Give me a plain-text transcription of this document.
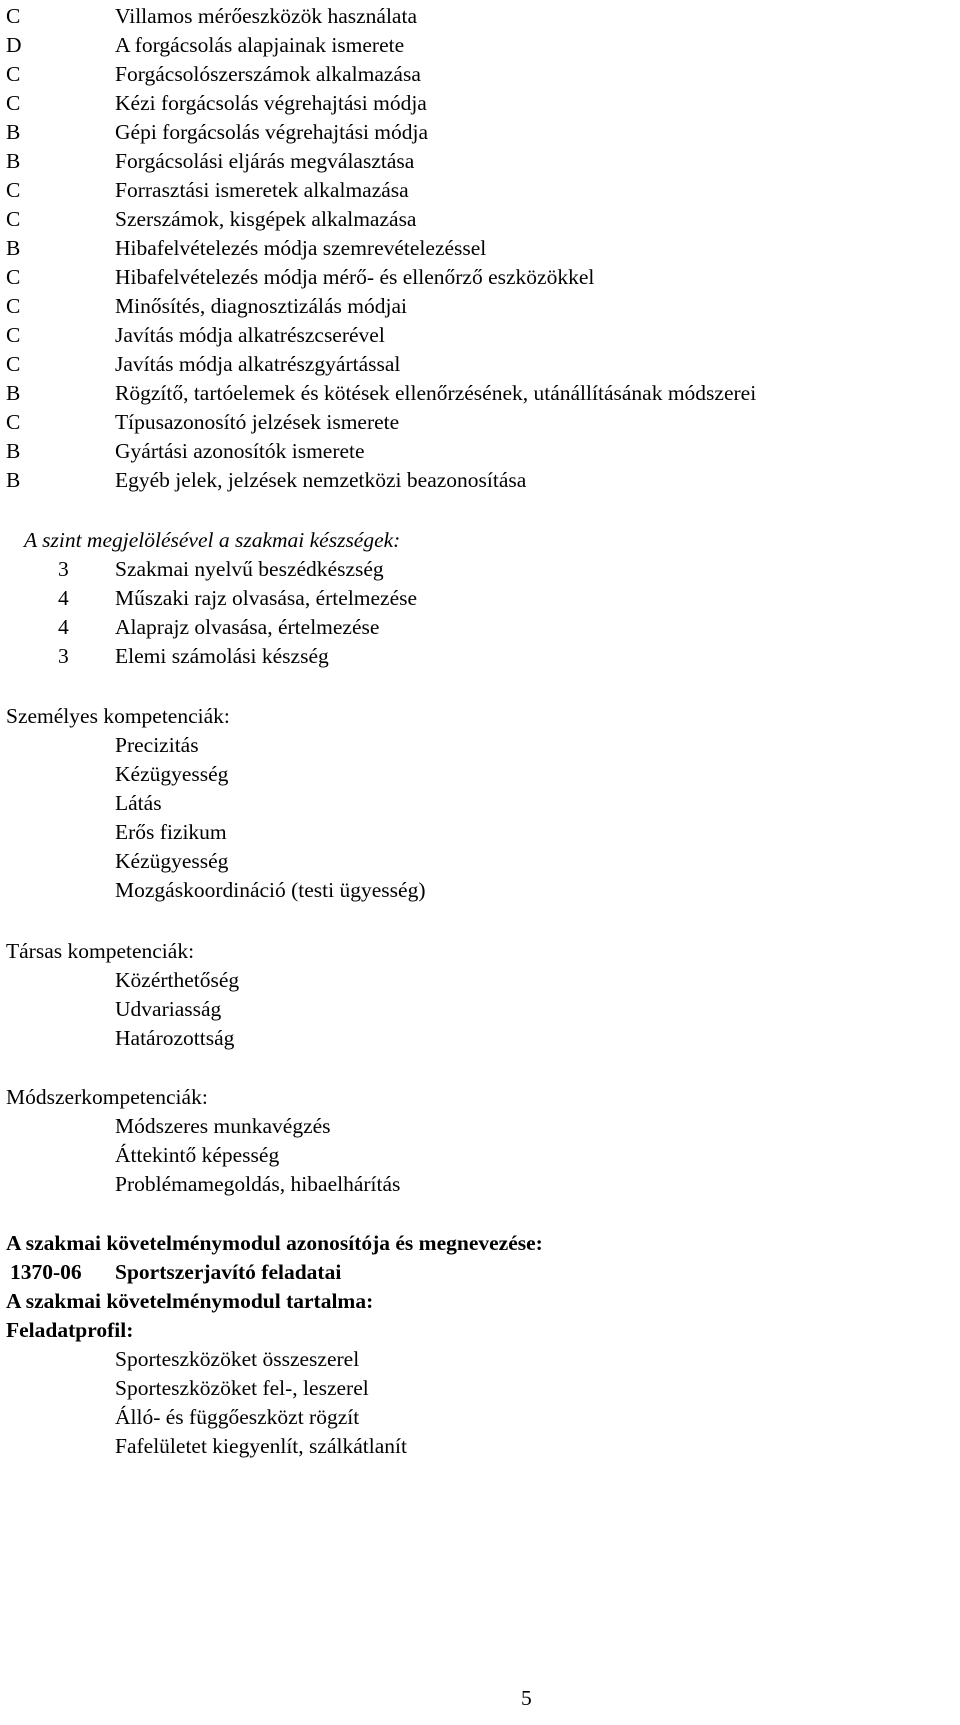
C	Villamos mérőeszközök használata
D	A forgácsolás alapjainak ismerete
C	Forgácsolószerszámok alkalmazása
C	Kézi forgácsolás végrehajtási módja
B	Gépi forgácsolás végrehajtási módja
B	Forgácsolási eljárás megválasztása
C	Forrasztási ismeretek alkalmazása
C	Szerszámok, kisgépek alkalmazása
B	Hibafelvételezés módja szemrevételezéssel
C	Hibafelvételezés módja mérő- és ellenőrző eszközökkel
C	Minősítés, diagnosztizálás módjai
C	Javítás módja alkatrészcserével
C	Javítás módja alkatrészgyártással
B	Rögzítő, tartóelemek és kötések ellenőrzésének, utánállításának módszerei
C	Típusazonosító jelzések ismerete
B	Gyártási azonosítók ismerete
B	Egyéb jelek, jelzések nemzetközi beazonosítása
A szint megjelölésével a szakmai készségek:
3	Szakmai nyelvű beszédkészség
4	Műszaki rajz olvasása, értelmezése
4	Alaprajz olvasása, értelmezése
3	Elemi számolási készség
Személyes kompetenciák:
Precizitás
Kézügyesség
Látás
Erős fizikum
Kézügyesség
Mozgáskoordináció (testi ügyesség)
Társas kompetenciák:
Közérthetőség
Udvariasság
Határozottság
Módszerkompetenciák:
Módszeres munkavégzés
Áttekintő képesség
Problémamegoldás, hibaelhárítás
A szakmai követelménymodul azonosítója és megnevezése:
1370-06 Sportszerjavító feladatai
A szakmai követelménymodul tartalma:
Feladatprofil:
Sporteszközöket összeszerel
Sporteszközöket fel-, leszerel
Álló- és függőeszközt rögzít
Fafelületet kiegyenlít, szálkátlanít
5
